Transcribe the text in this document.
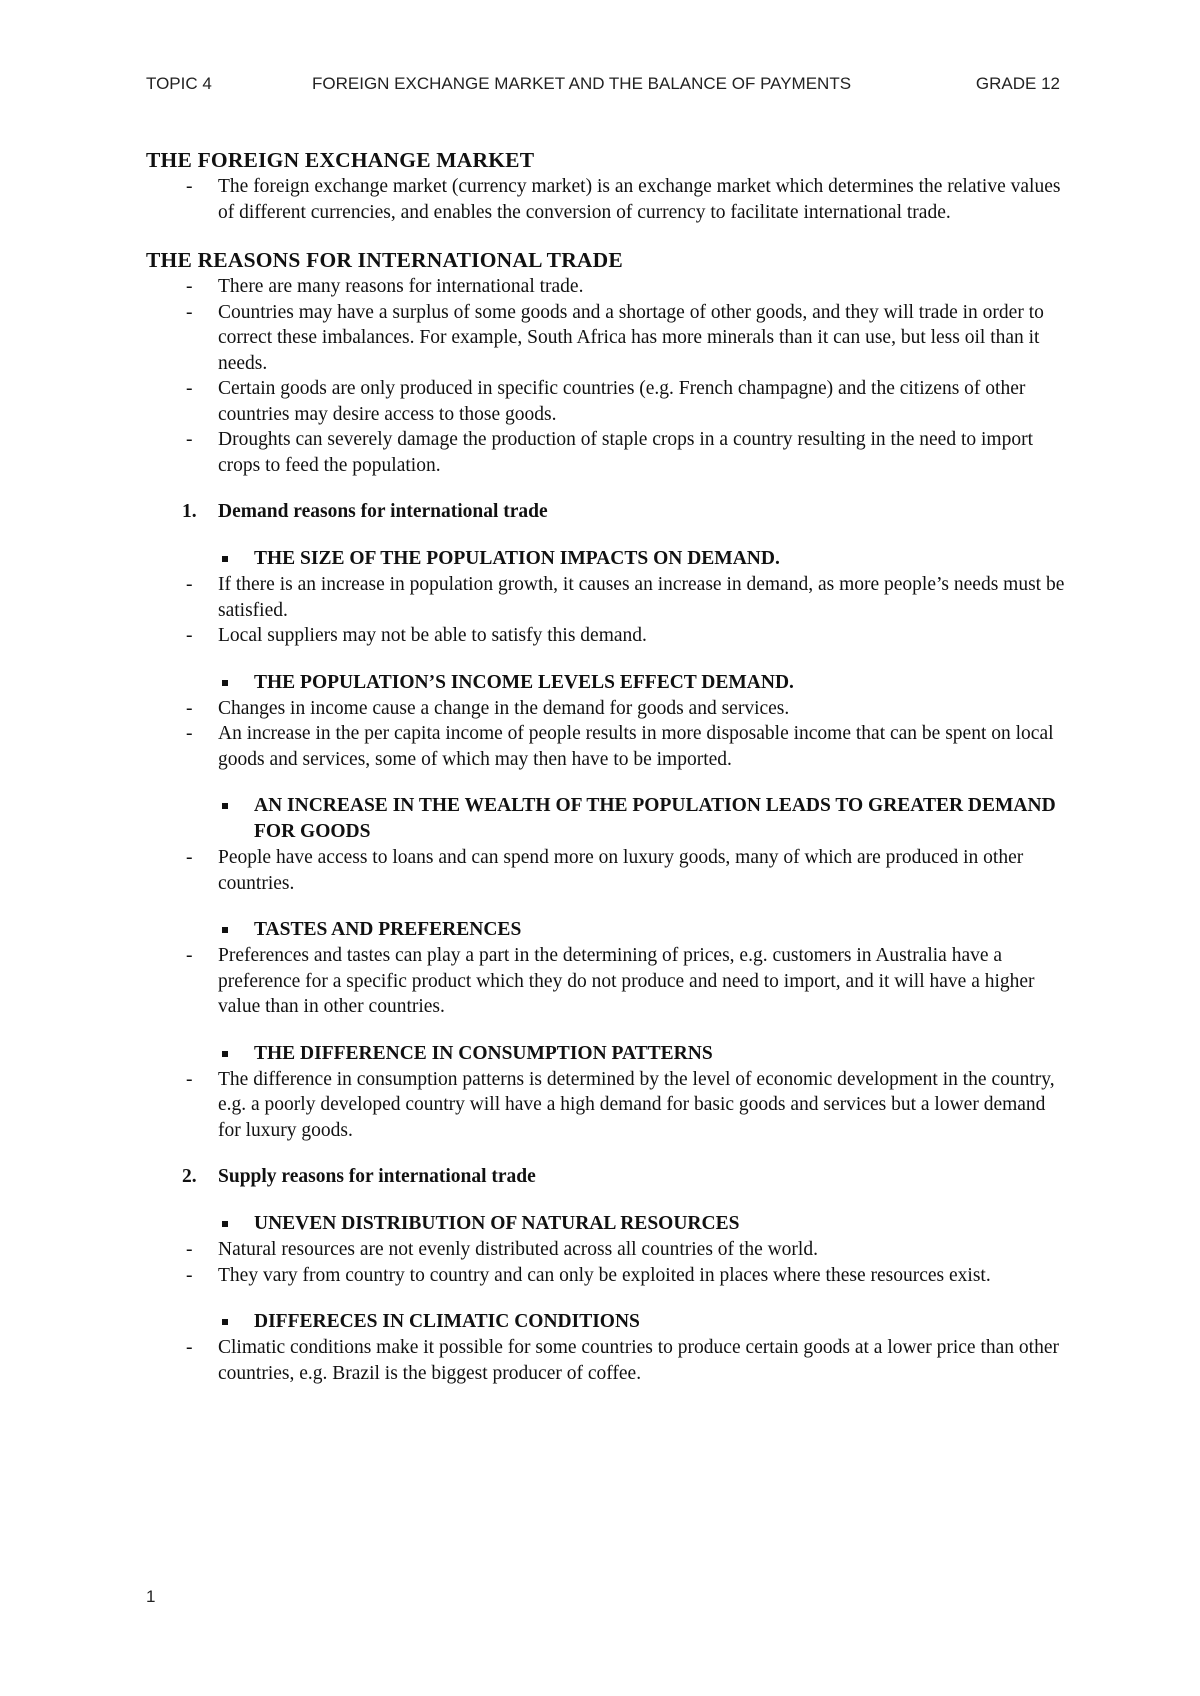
TOPIC 4	FOREIGN EXCHANGE MARKET AND THE BALANCE OF PAYMENTS	GRADE 12
THE FOREIGN EXCHANGE MARKET
- The foreign exchange market (currency market) is an exchange market which determines the relative values of different currencies, and enables the conversion of currency to facilitate international trade.
THE REASONS FOR INTERNATIONAL TRADE
- There are many reasons for international trade.
- Countries may have a surplus of some goods and a shortage of other goods, and they will trade in order to correct these imbalances. For example, South Africa has more minerals than it can use, but less oil than it needs.
- Certain goods are only produced in specific countries (e.g. French champagne) and the citizens of other countries may desire access to those goods.
- Droughts can severely damage the production of staple crops in a country resulting in the need to import crops to feed the population.
1. Demand reasons for international trade
THE SIZE OF THE POPULATION IMPACTS ON DEMAND.
- If there is an increase in population growth, it causes an increase in demand, as more people’s needs must be satisfied.
- Local suppliers may not be able to satisfy this demand.
THE POPULATION’S INCOME LEVELS EFFECT DEMAND.
- Changes in income cause a change in the demand for goods and services.
- An increase in the per capita income of people results in more disposable income that can be spent on local goods and services, some of which may then have to be imported.
AN INCREASE IN THE WEALTH OF THE POPULATION LEADS TO GREATER DEMAND FOR GOODS
- People have access to loans and can spend more on luxury goods, many of which are produced in other countries.
TASTES AND PREFERENCES
- Preferences and tastes can play a part in the determining of prices, e.g. customers in Australia have a preference for a specific product which they do not produce and need to import, and it will have a higher value than in other countries.
THE DIFFERENCE IN CONSUMPTION PATTERNS
- The difference in consumption patterns is determined by the level of economic development in the country, e.g. a poorly developed country will have a high demand for basic goods and services but a lower demand for luxury goods.
2. Supply reasons for international trade
UNEVEN DISTRIBUTION OF NATURAL RESOURCES
- Natural resources are not evenly distributed across all countries of the world.
- They vary from country to country and can only be exploited in places where these resources exist.
DIFFERECES IN CLIMATIC CONDITIONS
- Climatic conditions make it possible for some countries to produce certain goods at a lower price than other countries, e.g. Brazil is the biggest producer of coffee.
1
